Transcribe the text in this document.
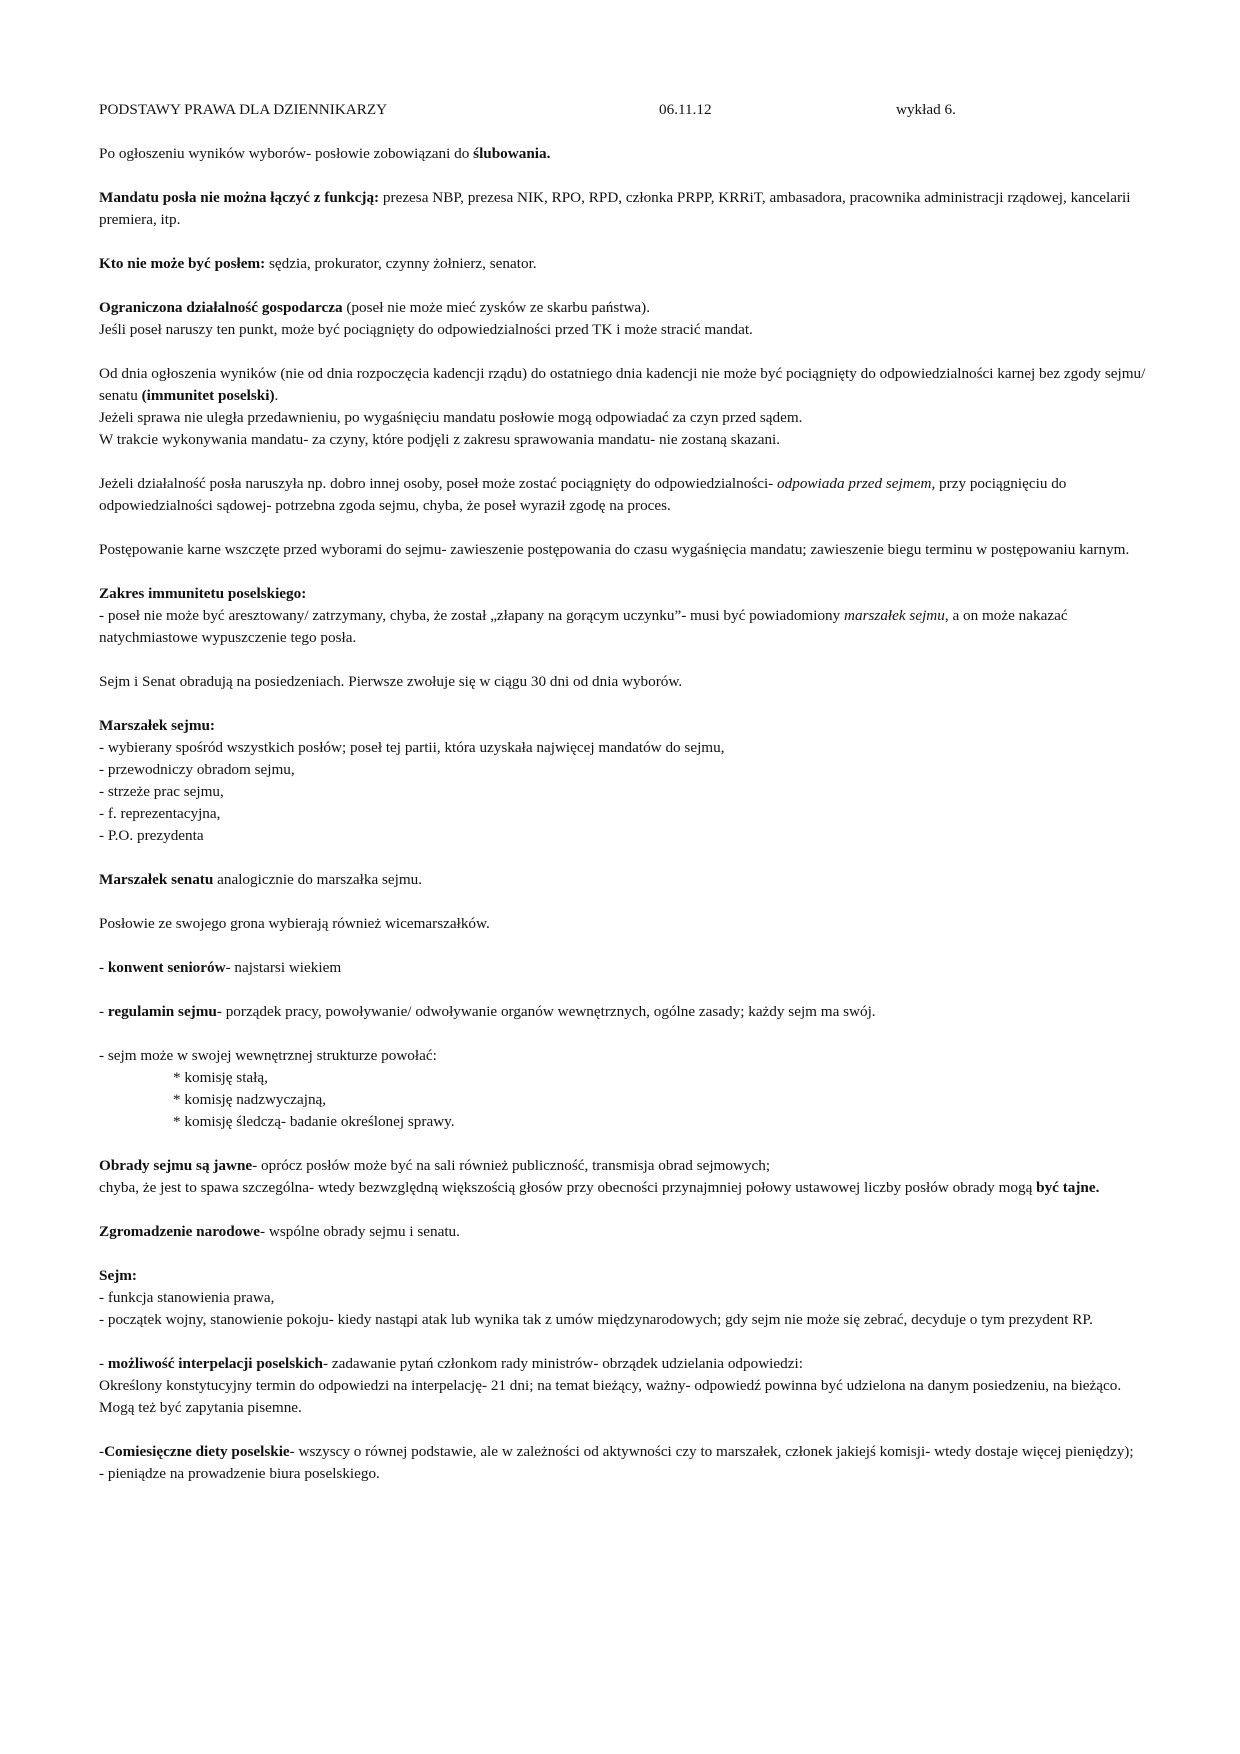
PODSTAWY PRAWA DLA DZIENNIKARZY	06.11.12	wykład 6.

Po ogłoszeniu wyników wyborów- posłowie zobowiązani do ślubowania.

Mandatu posła nie można łączyć z funkcją: prezesa NBP, prezesa NIK, RPO, RPD, członka PRPP, KRRiT, ambasadora, pracownika administracji rządowej, kancelarii premiera, itp.

Kto nie może być posłem: sędzia, prokurator, czynny żołnierz, senator.

Ograniczona działalność gospodarcza (poseł nie może mieć zysków ze skarbu państwa).
Jeśli poseł naruszy ten punkt, może być pociągnięty do odpowiedzialności przed TK i może stracić mandat.

Od dnia ogłoszenia wyników (nie od dnia rozpoczęcia kadencji rządu) do ostatniego dnia kadencji nie może być pociągnięty do odpowiedzialności karnej bez zgody sejmu/ senatu (immunitet poselski).
Jeżeli sprawa nie uległa przedawnieniu, po wygaśnięciu mandatu posłowie mogą odpowiadać za czyn przed sądem.
W trakcie wykonywania mandatu- za czyny, które podjęli z zakresu sprawowania mandatu- nie zostaną skazani.

Jeżeli działalność posła naruszyła np. dobro innej osoby, poseł może zostać pociągnięty do odpowiedzialności- odpowiada przed sejmem, przy pociągnięciu do odpowiedzialności sądowej- potrzebna zgoda sejmu, chyba, że poseł wyraził zgodę na proces.

Postępowanie karne wszczęte przed wyborami do sejmu- zawieszenie postępowania do czasu wygaśnięcia mandatu; zawieszenie biegu terminu w postępowaniu karnym.

Zakres immunitetu poselskiego:
- poseł nie może być aresztowany/ zatrzymany, chyba, że został „złapany na gorącym uczynku”- musi być powiadomiony marszałek sejmu, a on może nakazać natychmiastowe wypuszczenie tego posła.

Sejm i Senat obradują na posiedzeniach. Pierwsze zwołuje się w ciągu 30 dni od dnia wyborów.

Marszałek sejmu:
- wybierany spośród wszystkich posłów; poseł tej partii, która uzyskała najwięcej mandatów do sejmu,
- przewodniczy obradom sejmu,
- strzeże prac sejmu,
- f. reprezentacyjna,
- P.O. prezydenta

Marszałek senatu analogicznie do marszałka sejmu.

Posłowie ze swojego grona wybierają również wicemarszałków.

- konwent seniorów- najstarsi wiekiem

- regulamin sejmu- porządek pracy, powoływanie/ odwoływanie organów wewnętrznych, ogólne zasady; każdy sejm ma swój.

- sejm może w swojej wewnętrznej strukturze powołać:
* komisję stałą,
* komisję nadzwyczajną,
* komisję śledczą- badanie określonej sprawy.

Obrady sejmu są jawne- oprócz posłów może być na sali również publiczność, transmisja obrad sejmowych;
chyba, że jest to spawa szczególna- wtedy bezwzględną większością głosów przy obecności przynajmniej połowy ustawowej liczby posłów obrady mogą być tajne.

Zgromadzenie narodowe- wspólne obrady sejmu i senatu.

Sejm:
- funkcja stanowienia prawa,
- początek wojny, stanowienie pokoju- kiedy nastąpi atak lub wynika tak z umów międzynarodowych; gdy sejm nie może się zebrać, decyduje o tym prezydent RP.

- możliwość interpelacji poselskich- zadawanie pytań członkom rady ministrów- obrządek udzielania odpowiedzi:
Określony konstytucyjny termin do odpowiedzi na interpelację- 21 dni; na temat bieżący, ważny- odpowiedź powinna być udzielona na danym posiedzeniu, na bieżąco.
Mogą też być zapytania pisemne.

-Comiesięczne diety poselskie- wszyscy o równej podstawie, ale w zależności od aktywności czy to marszałek, członek jakiejś komisji- wtedy dostaje więcej pieniędzy);
- pieniądze na prowadzenie biura poselskiego.
